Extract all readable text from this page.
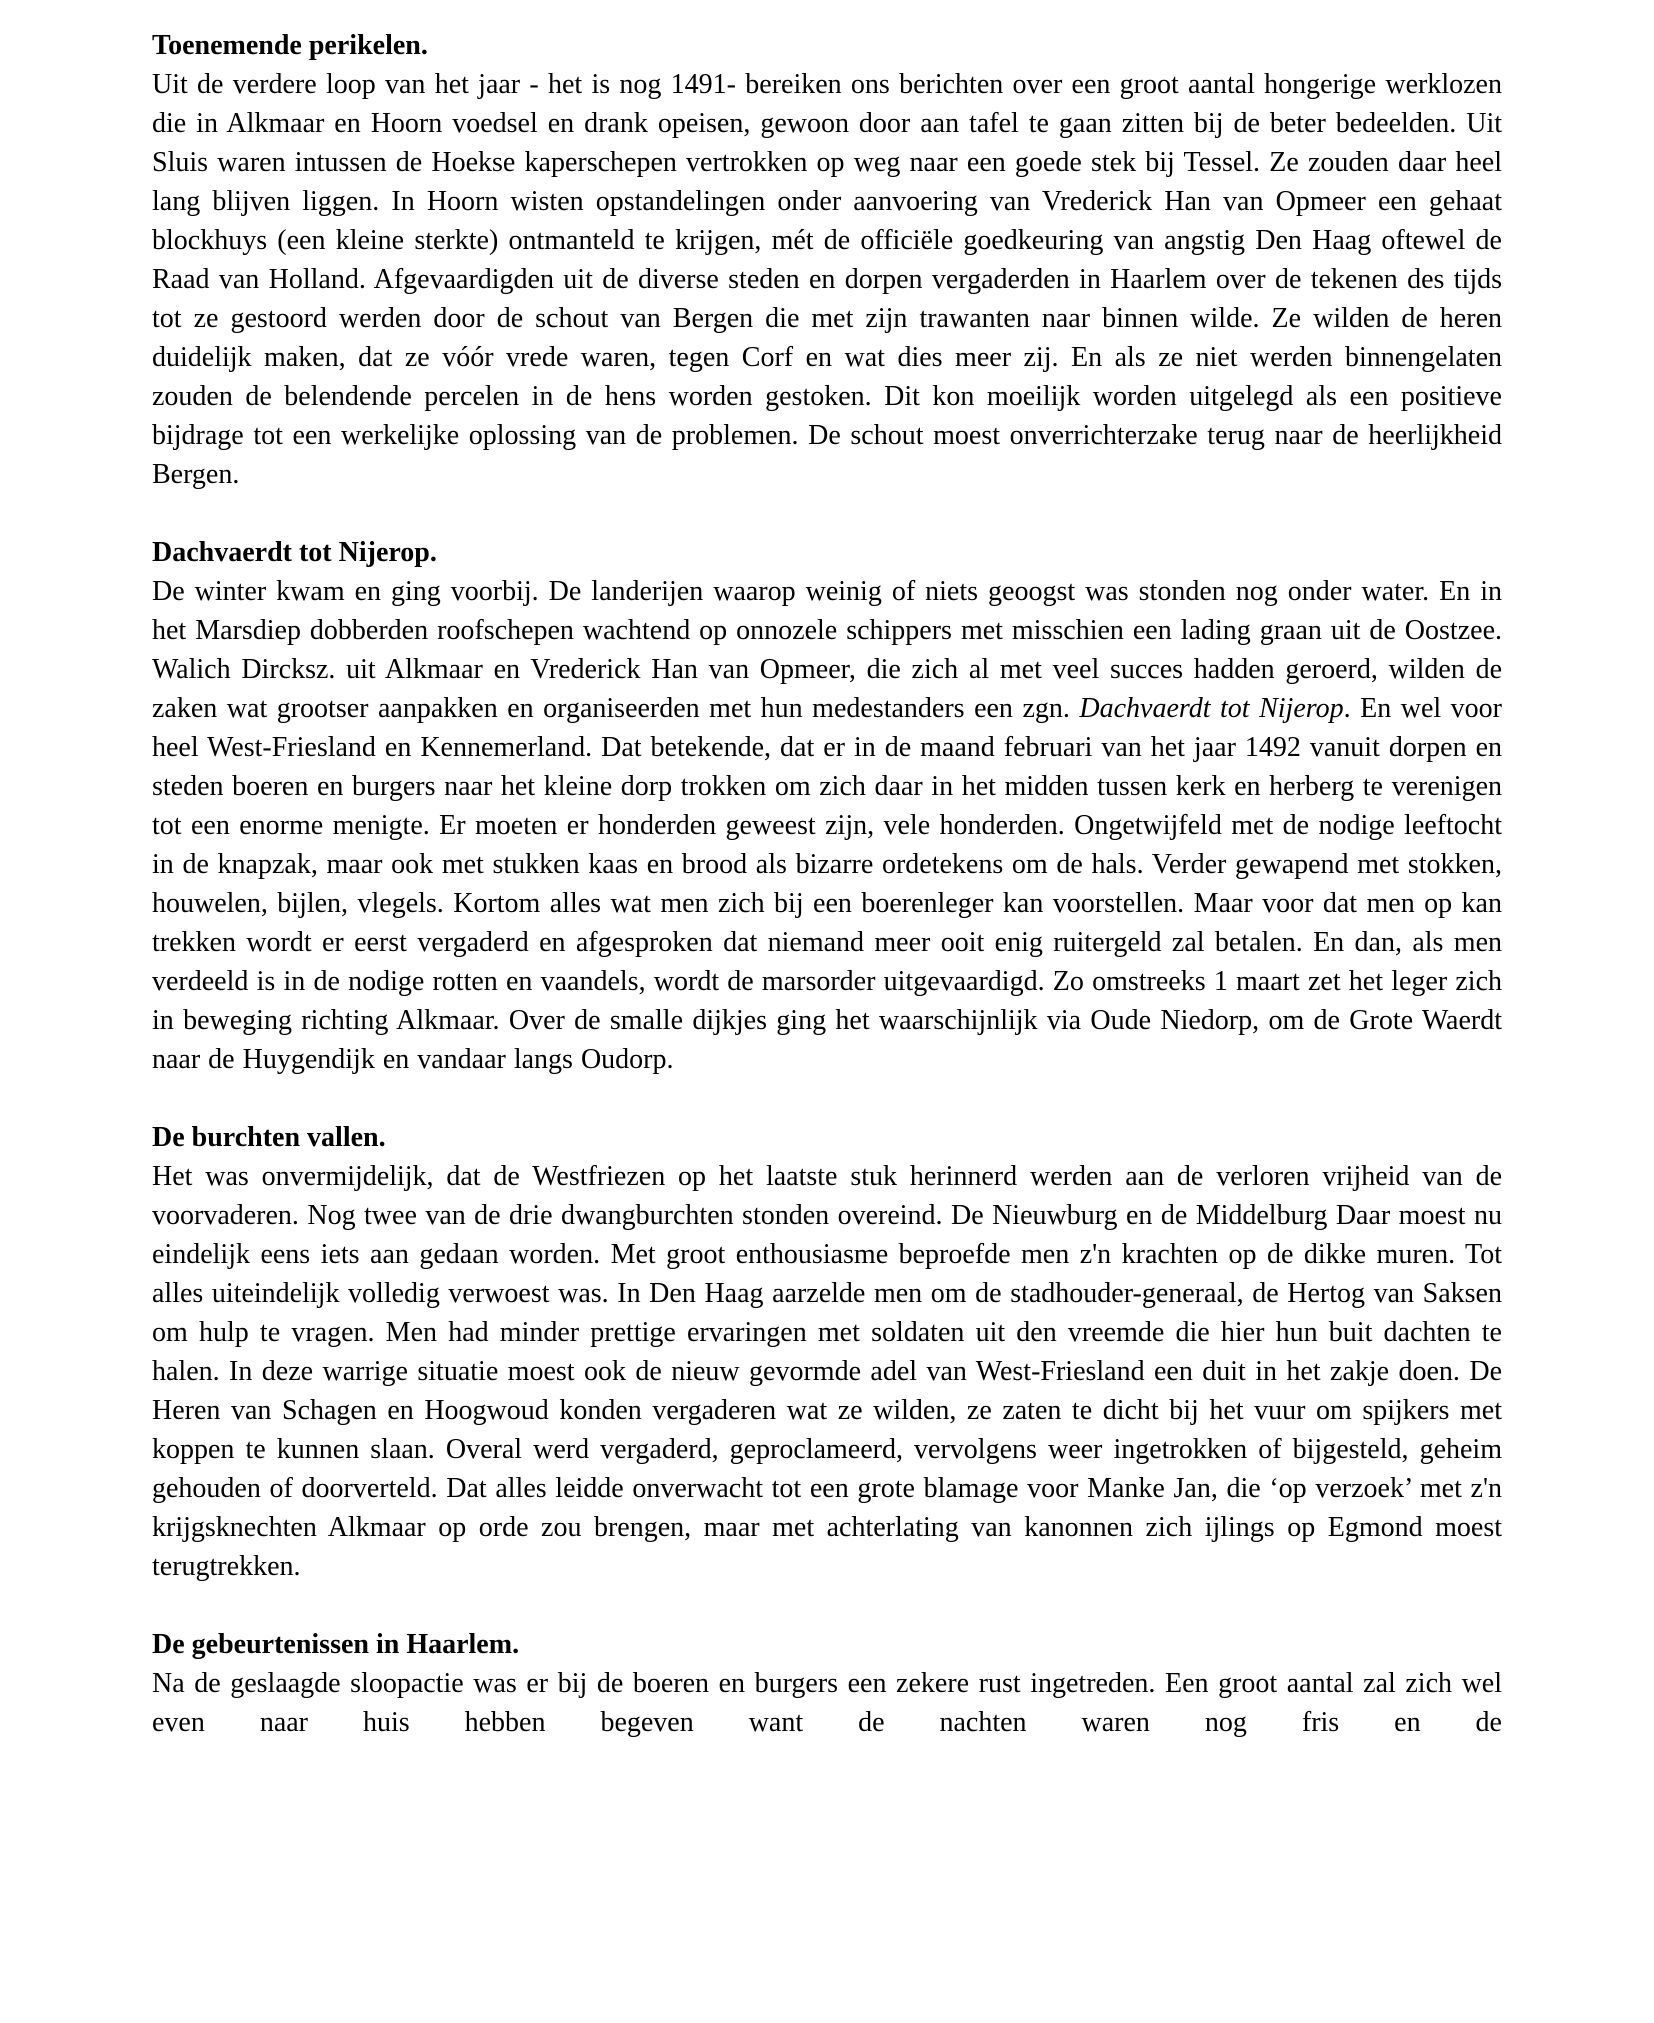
Toenemende perikelen.

Uit de verdere loop van het jaar - het is nog 1491- bereiken ons berichten over een groot aantal hongerige werklozen die in Alkmaar en Hoorn voedsel en drank opeisen, gewoon door aan tafel te gaan zitten bij de beter bedeelden. Uit Sluis waren intussen de Hoekse kaperschepen vertrokken op weg naar een goede stek bij Tessel. Ze zouden daar heel lang blijven liggen. In Hoorn wisten opstandelingen onder aanvoering van Vrederick Han van Opmeer een gehaat blockhuys (een kleine sterkte) ontmanteld te krijgen, mét de officiële goedkeuring van angstig Den Haag oftewel de Raad van Holland. Afgevaardigden uit de diverse steden en dorpen vergaderden in Haarlem over de tekenen des tijds tot ze gestoord werden door de schout van Bergen die met zijn trawanten naar binnen wilde. Ze wilden de heren duidelijk maken, dat ze vóór vrede waren, tegen Corf en wat dies meer zij. En als ze niet werden binnengelaten zouden de belendende percelen in de hens worden gestoken. Dit kon moeilijk worden uitgelegd als een positieve bijdrage tot een werkelijke oplossing van de problemen. De schout moest onverrichterzake terug naar de heerlijkheid Bergen.

Dachvaerdt tot Nijerop.

De winter kwam en ging voorbij. De landerijen waarop weinig of niets geoogst was stonden nog onder water. En in het Marsdiep dobberden roofschepen wachtend op onnozele schippers met misschien een lading graan uit de Oostzee. Walich Dircksz. uit Alkmaar en Vrederick Han van Opmeer, die zich al met veel succes hadden geroerd, wilden de zaken wat grootser aanpakken en organiseerden met hun medestanders een zgn. Dachvaerdt tot Nijerop. En wel voor heel West-Friesland en Kennemerland. Dat betekende, dat er in de maand februari van het jaar 1492 vanuit dorpen en steden boeren en burgers naar het kleine dorp trokken om zich daar in het midden tussen kerk en herberg te verenigen tot een enorme menigte. Er moeten er honderden geweest zijn, vele honderden. Ongetwijfeld met de nodige leeftocht in de knapzak, maar ook met stukken kaas en brood als bizarre ordetekens om de hals. Verder gewapend met stokken, houwelen, bijlen, vlegels. Kortom alles wat men zich bij een boerenleger kan voorstellen. Maar voor dat men op kan trekken wordt er eerst vergaderd en afgesproken dat niemand meer ooit enig ruitergeld zal betalen. En dan, als men verdeeld is in de nodige rotten en vaandels, wordt de marsorder uitgevaardigd. Zo omstreeks 1 maart zet het leger zich in beweging richting Alkmaar. Over de smalle dijkjes ging het waarschijnlijk via Oude Niedorp, om de Grote Waerdt naar de Huygendijk en vandaar langs Oudorp.

De burchten vallen.

Het was onvermijdelijk, dat de Westfriezen op het laatste stuk herinnerd werden aan de verloren vrijheid van de voorvaderen. Nog twee van de drie dwangburchten stonden overeind. De Nieuwburg en de Middelburg Daar moest nu eindelijk eens iets aan gedaan worden. Met groot enthousiasme beproefde men z'n krachten op de dikke muren. Tot alles uiteindelijk volledig verwoest was. In Den Haag aarzelde men om de stadhouder-generaal, de Hertog van Saksen om hulp te vragen. Men had minder prettige ervaringen met soldaten uit den vreemde die hier hun buit dachten te halen. In deze warrige situatie moest ook de nieuw gevormde adel van West-Friesland een duit in het zakje doen. De Heren van Schagen en Hoogwoud konden vergaderen wat ze wilden, ze zaten te dicht bij het vuur om spijkers met koppen te kunnen slaan. Overal werd vergaderd, geproclameerd, vervolgens weer ingetrokken of bijgesteld, geheim gehouden of doorverteld. Dat alles leidde onverwacht tot een grote blamage voor Manke Jan, die ‘op verzoek’ met z'n krijgsknechten Alkmaar op orde zou brengen, maar met achterlating van kanonnen zich ijlings op Egmond moest terugtrekken.

De gebeurtenissen in Haarlem.

Na de geslaagde sloopactie was er bij de boeren en burgers een zekere rust ingetreden. Een groot aantal zal zich wel even naar huis hebben begeven want de nachten waren nog fris en de
